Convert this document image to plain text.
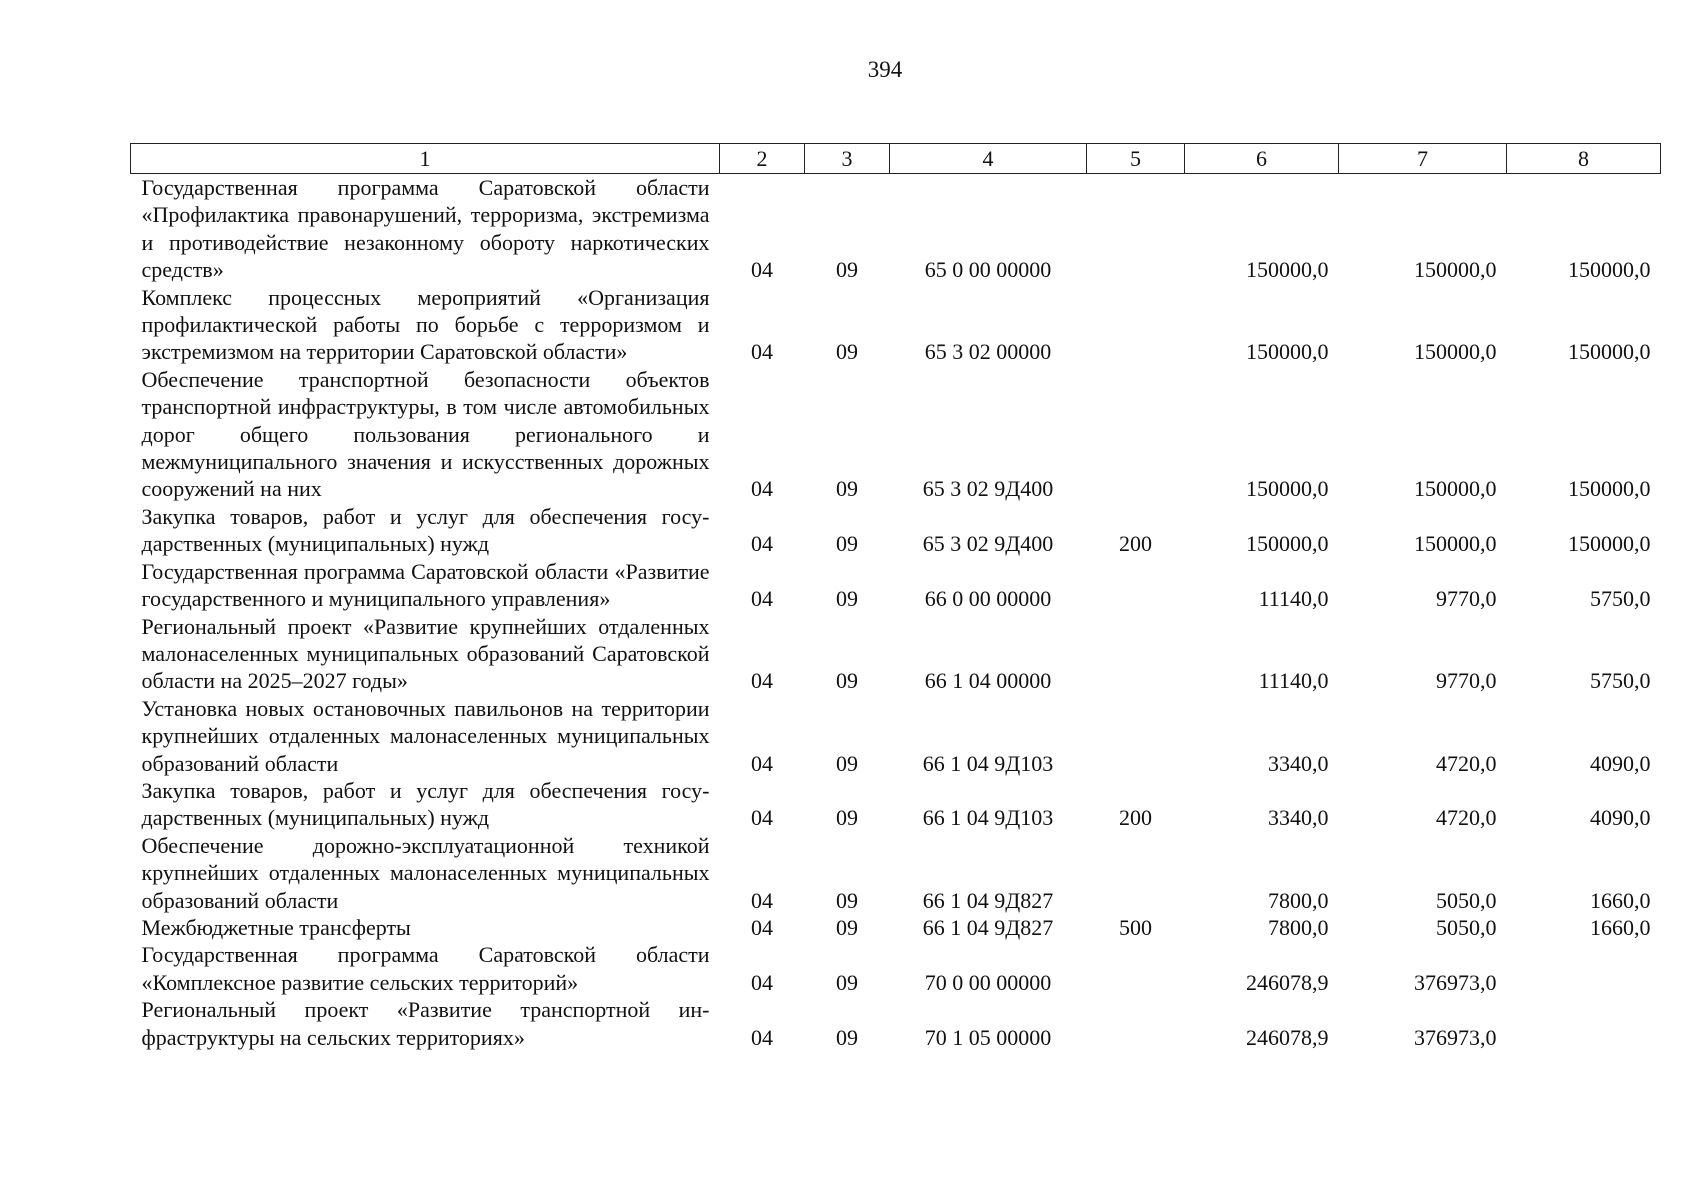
394
1	2	3	4	5	6	7	8
Государственная программа Саратовской области «Профилактика правонарушений, терроризма, экстремизма и противодействие незаконному обороту наркотических средств»	04	09	65 0 00 00000		150000,0	150000,0	150000,0
Комплекс процессных мероприятий «Организация профилактической работы по борьбе с терроризмом и экстремизмом на территории Саратовской области»	04	09	65 3 02 00000		150000,0	150000,0	150000,0
Обеспечение транспортной безопасности объектов транспортной инфраструктуры, в том числе автомобильных дорог общего пользования регионального и межмуниципального значения и искусственных дорожных сооружений на них	04	09	65 3 02 9Д400		150000,0	150000,0	150000,0
Закупка товаров, работ и услуг для обеспечения государственных (муниципальных) нужд	04	09	65 3 02 9Д400	200	150000,0	150000,0	150000,0
Государственная программа Саратовской области «Развитие государственного и муниципального управления»	04	09	66 0 00 00000		11140,0	9770,0	5750,0
Региональный проект «Развитие крупнейших отдаленных малонаселенных муниципальных образований Саратовской области на 2025–2027 годы»	04	09	66 1 04 00000		11140,0	9770,0	5750,0
Установка новых остановочных павильонов на территории крупнейших отдаленных малонаселенных муниципальных образований области	04	09	66 1 04 9Д103		3340,0	4720,0	4090,0
Закупка товаров, работ и услуг для обеспечения государственных (муниципальных) нужд	04	09	66 1 04 9Д103	200	3340,0	4720,0	4090,0
Обеспечение дорожно-эксплуатационной техникой крупнейших отдаленных малонаселенных муниципальных образований области	04	09	66 1 04 9Д827		7800,0	5050,0	1660,0
Межбюджетные трансферты	04	09	66 1 04 9Д827	500	7800,0	5050,0	1660,0
Государственная программа Саратовской области «Комплексное развитие сельских территорий»	04	09	70 0 00 00000		246078,9	376973,0	
Региональный проект «Развитие транспортной инфраструктуры на сельских территориях»	04	09	70 1 05 00000		246078,9	376973,0	
